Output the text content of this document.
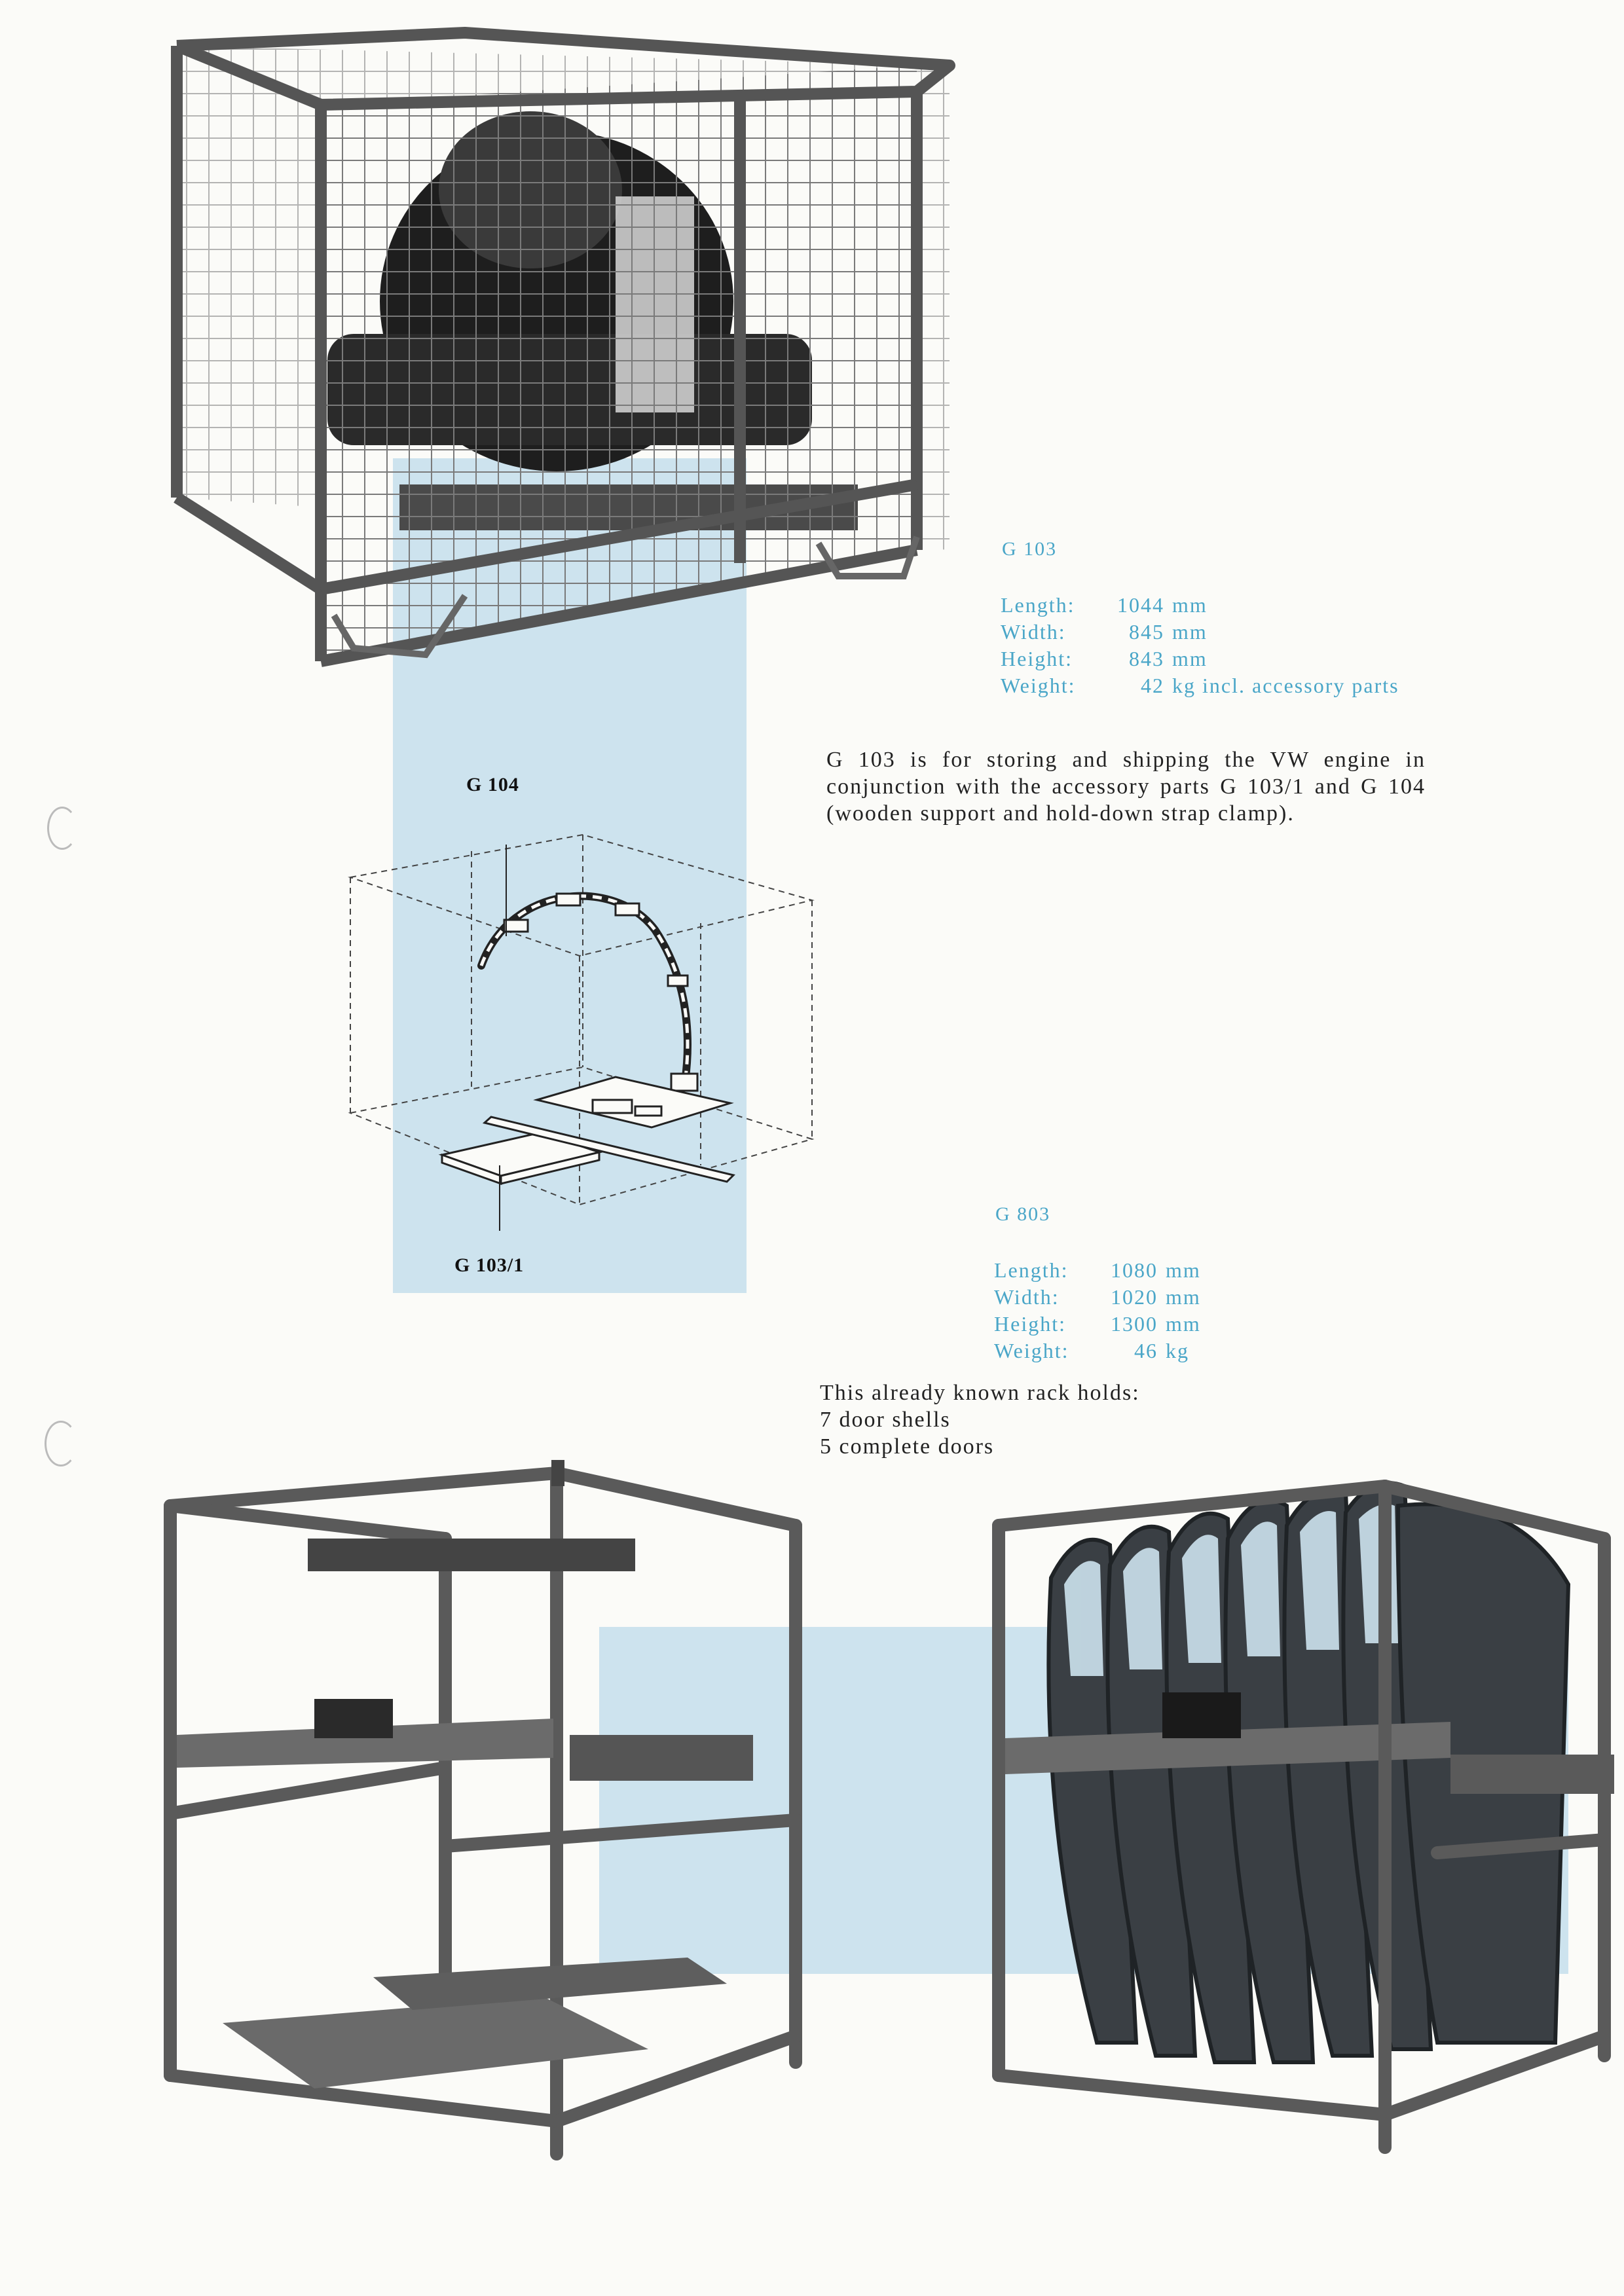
G 103
Length:	1044 mm
Width:	845 mm
Height:	843 mm
Weight:	42 kg incl. accessory parts
G 103 is for storing and shipping the VW engine in conjunction with the accessory parts G 103/1 and G 104 (wooden support and hold-down strap clamp).
G 104
G 103/1
G 803
Length:	1080 mm
Width:	1020 mm
Height:	1300 mm
Weight:	46 kg
This already known rack holds:
7 door shells
5 complete doors
